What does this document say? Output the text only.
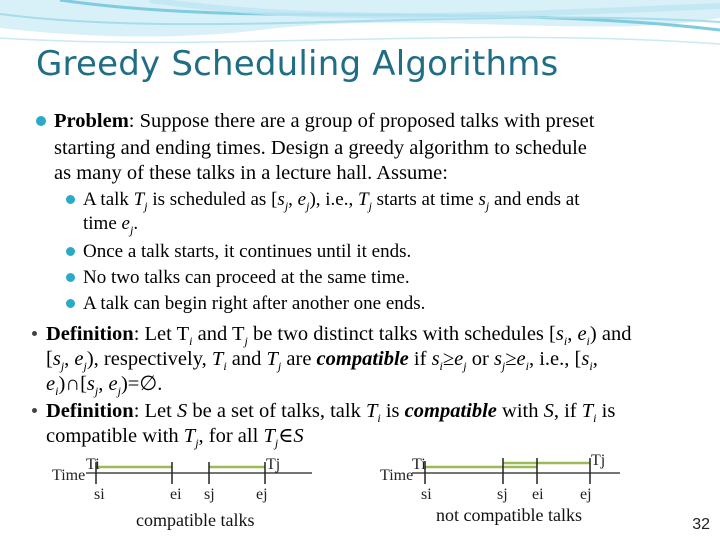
Greedy Scheduling Algorithms
Problem: Suppose there are a group of proposed talks with preset
starting and ending times. Design a greedy algorithm to schedule
as many of these talks in a lecture hall. Assume:
A talk $T_j$ is scheduled as [$s_j$, $e_j$), i.e., $T_j$ starts at time $s_j$ and ends at
time $e_j$.
Once a talk starts, it continues until it ends.
No two talks can proceed at the same time.
A talk can begin right after another one ends.
Definition: Let $T_i$ and $T_j$ be two distinct talks with schedules [$s_i$, $e_i$) and
[$s_j$, $e_j$), respectively, $T_i$ and $T_j$ are compatible if $s_i\ge e_j$ or $s_j\ge e_i$, i.e., [$s_i$,
$e_i)\cap[s_j$, $e_j)=\emptyset$.
Definition: Let S be a set of talks, talk $T_i$ is compatible with S, if $T_i$ is
compatible with $T_j$, for all $T_j\in S$
Time
Ti	Tj
si	ei sj	ej
compatible talks
Time
Ti	Tj
si	sj ei ej
not compatible talks	32
